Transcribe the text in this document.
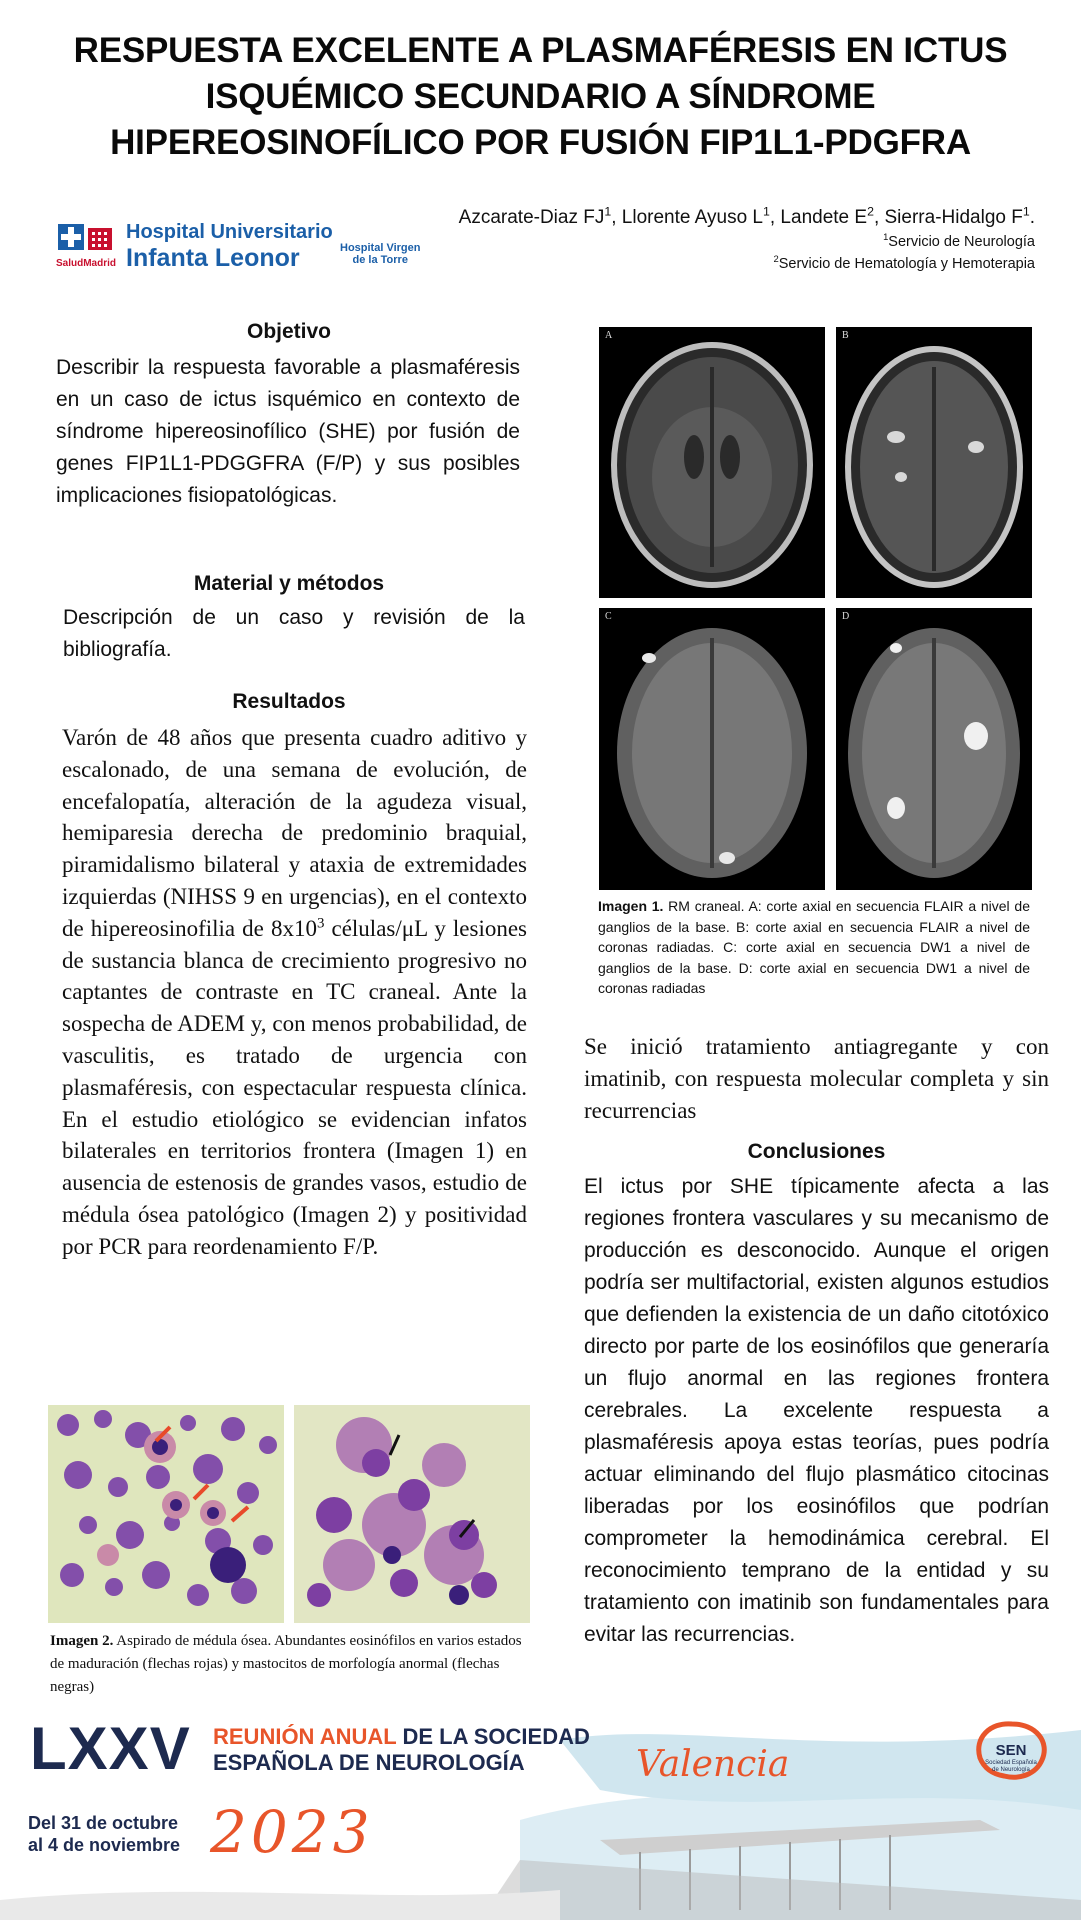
RESPUESTA EXCELENTE A PLASMAFÉRESIS EN ICTUS
ISQUÉMICO SECUNDARIO A SÍNDROME
HIPEREOSINOFÍLICO POR FUSIÓN FIP1L1-PDGFRA
Azcarate-Diaz $FJ^1$, Llorente Ayuso $L^1$, Landete $E^2$, Sierra-Hidalgo $F^1$.
$^1$Servicio de Neurología
$^2$Servicio de Hematología y Hemoterapia
SaludMadrid
Hospital Universitario
Infanta Leonor	Hospital Virgen
de la Torre
Objetivo
Describir la respuesta favorable a plasmaféresis en un caso de ictus isquémico en contexto de síndrome hipereosinofílico (SHE) por fusión de genes FIP1L1-PDGGFRA (F/P) y sus posibles implicaciones fisiopatológicas.
Material y métodos
Descripción de un caso y revisión de la bibliografía.
Resultados
Varón de 48 años que presenta cuadro aditivo y escalonado, de una semana de evolución, de encefalopatía, alteración de la agudeza visual, hemiparesia derecha de predominio braquial, piramidalismo bilateral y ataxia de extremidades izquierdas (NIHSS 9 en urgencias), en el contexto de hipereosinofilia de $8x10^3$ células/μL y lesiones de sustancia blanca de crecimiento progresivo no captantes de contraste en TC craneal. Ante la sospecha de ADEM y, con menos probabilidad, de vasculitis, es tratado de urgencia con plasmaféresis, con espectacular respuesta clínica. En el estudio etiológico se evidencian infatos bilaterales en territorios frontera (Imagen 1) en ausencia de estenosis de grandes vasos, estudio de médula ósea patológico (Imagen 2) y positividad por PCR para reordenamiento F/P.
Imagen 2. Aspirado de médula ósea. Abundantes eosinófilos en varios estados de maduración (flechas rojas) y mastocitos de morfología anormal (flechas negras)
A	B
C	D
Imagen 1. RM craneal. A: corte axial en secuencia FLAIR a nivel de ganglios de la base. B: corte axial en secuencia FLAIR a nivel de coronas radiadas. C: corte axial en secuencia DW1 a nivel de ganglios de la base. D: corte axial en secuencia DW1 a nivel de coronas radiadas
Se inició tratamiento antiagregante y con imatinib, con respuesta molecular completa y sin recurrencias
Conclusiones
El ictus por SHE típicamente afecta a las regiones frontera vasculares y su mecanismo de producción es desconocido. Aunque el origen podría ser multifactorial, existen algunos estudios que defienden la existencia de un daño citotóxico directo por parte de los eosinófilos que generaría un flujo anormal en las regiones frontera cerebrales. La excelente respuesta a plasmaféresis apoya estas teorías, pues podría actuar eliminando del flujo plasmático citocinas liberadas por los eosinófilos que podrían comprometer la hemodinámica cerebral. El reconocimiento temprano de la entidad y su tratamiento con imatinib son fundamentales para evitar las recurrencias.
LXXV REUNIÓN ANUAL DE LA SOCIEDAD
ESPAÑOLA DE NEUROLOGÍA
Del 31 de octubre
al 4 de noviembre 2023
Valencia	SEN
Sociedad Española
de Neurología
